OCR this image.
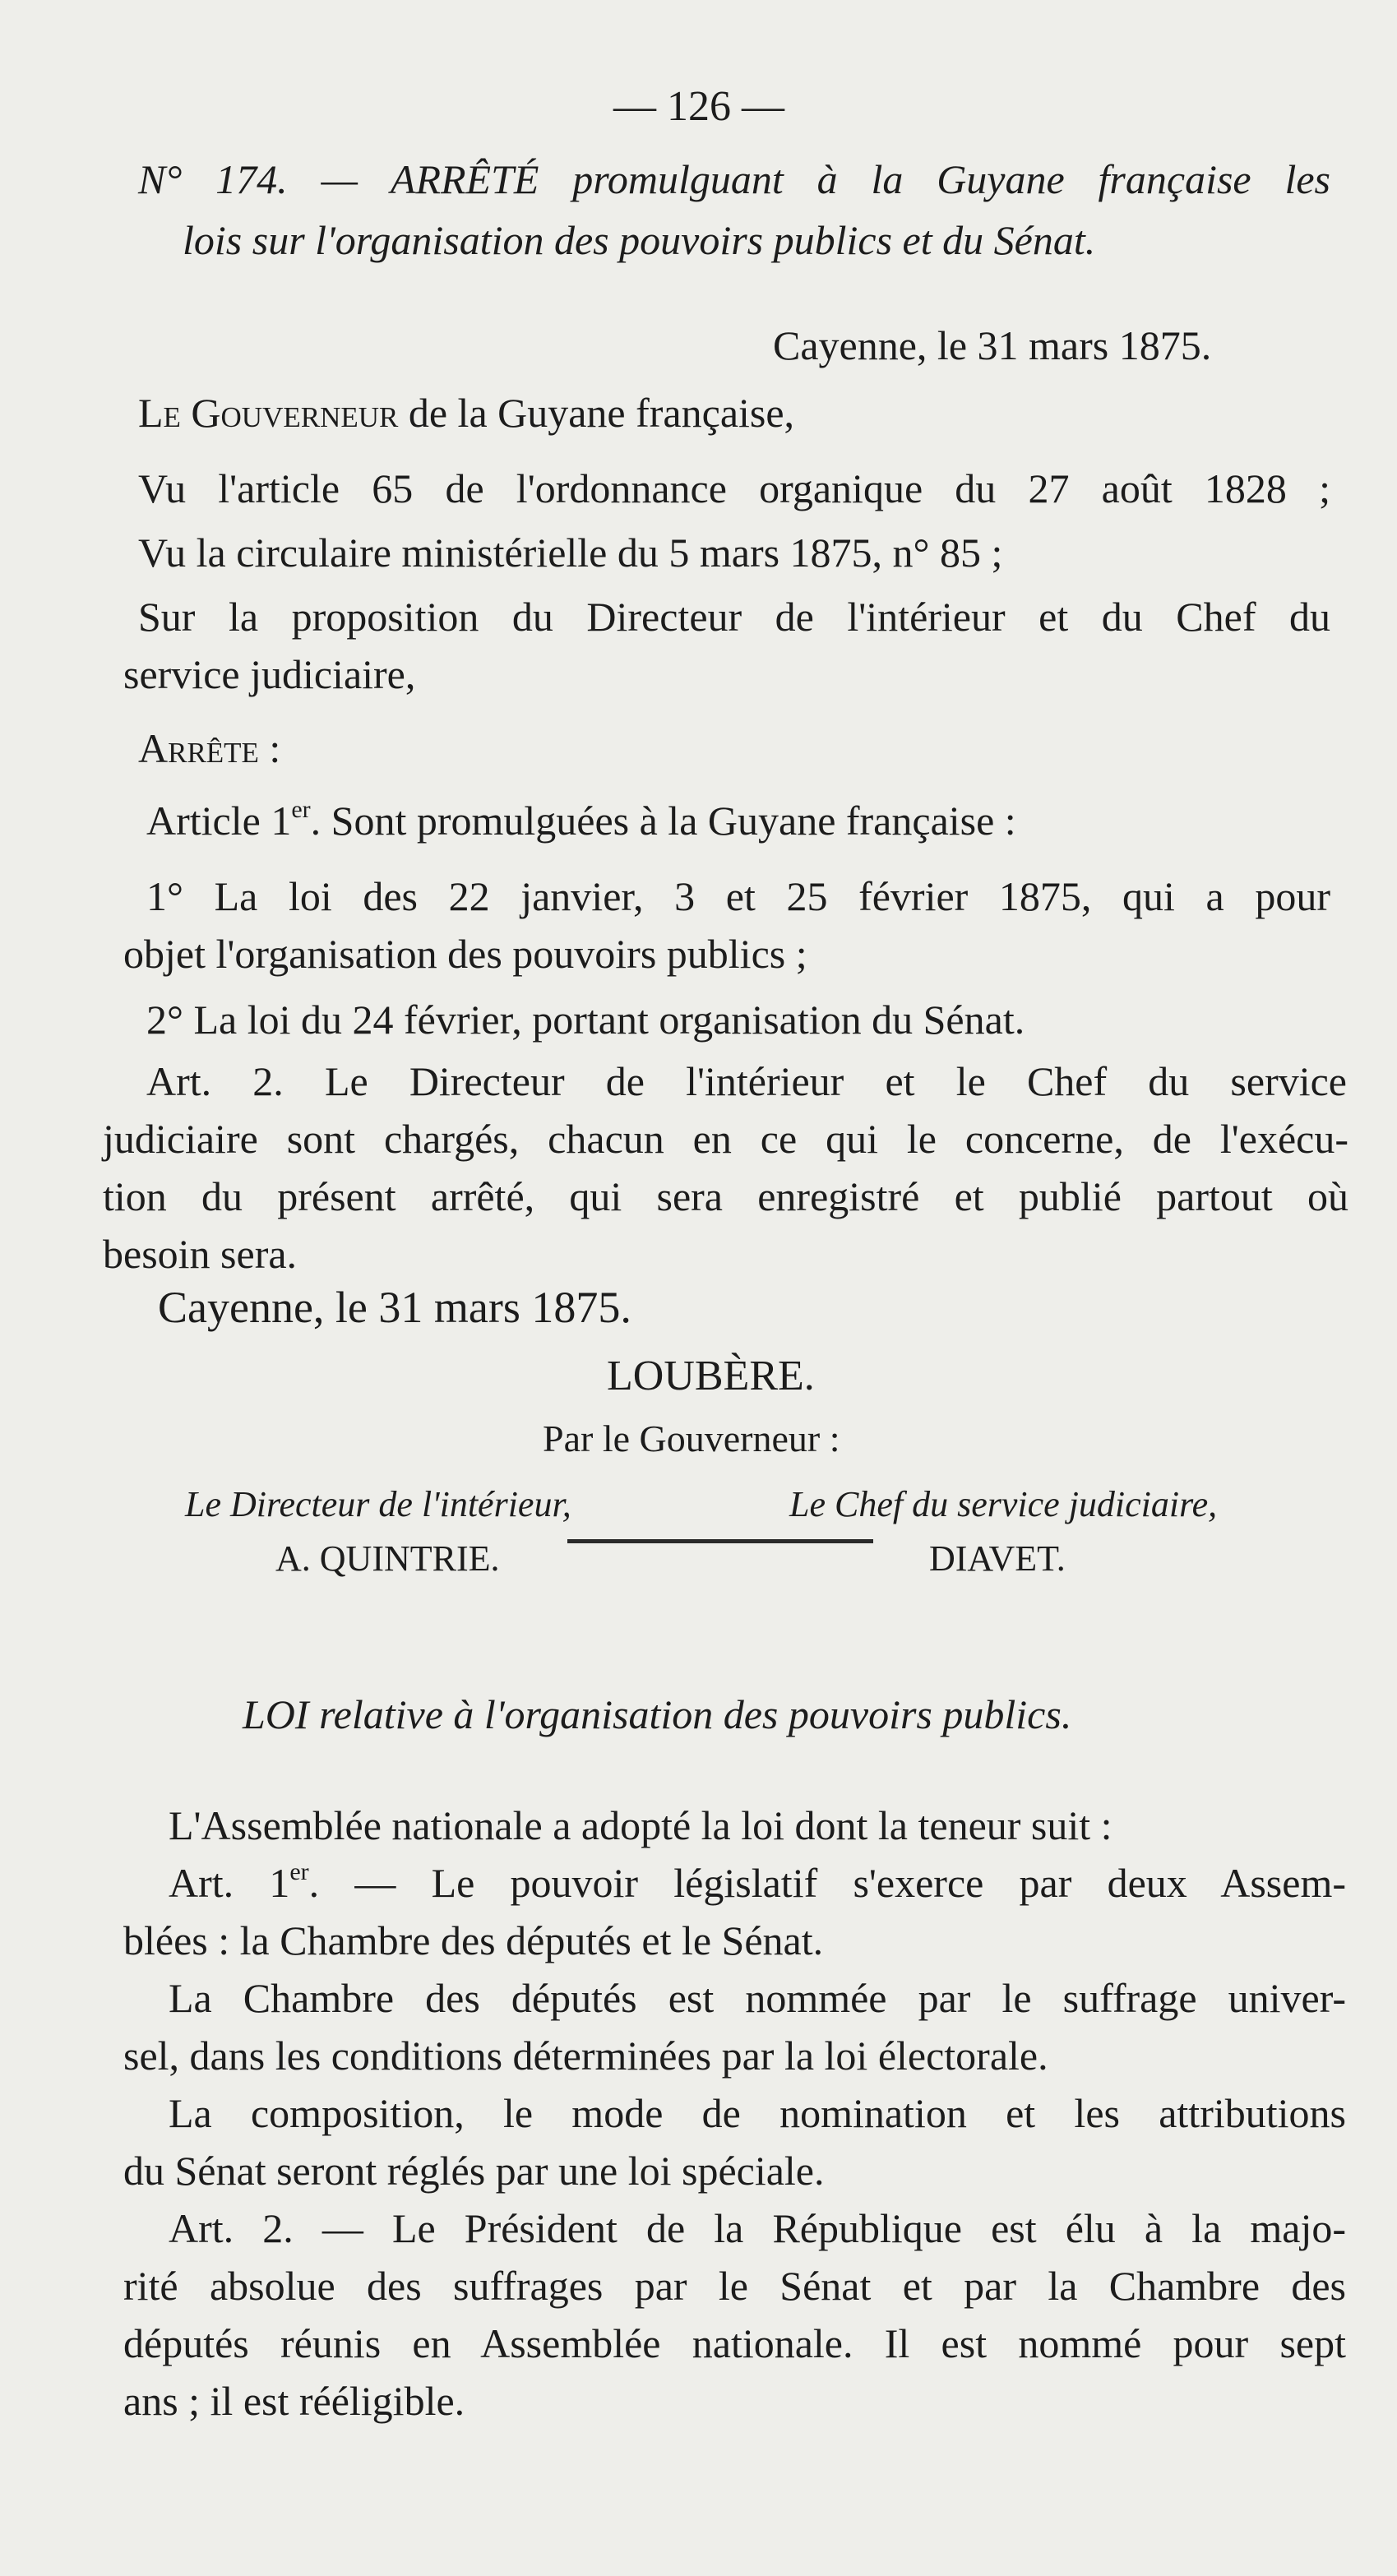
— 126 —
N° 174. — ARRÊTÉ promulguant à la Guyane française les
lois sur l'organisation des pouvoirs publics et du Sénat.
Cayenne, le 31 mars 1875.
Le Gouverneur de la Guyane française,
Vu l'article 65 de l'ordonnance organique du 27 août 1828 ;
Vu la circulaire ministérielle du 5 mars 1875, n° 85 ;
Sur la proposition du Directeur de l'intérieur et du Chef du
service judiciaire,
Arrête :
Article 1er. Sont promulguées à la Guyane française :
1° La loi des 22 janvier, 3 et 25 février 1875, qui a pour
objet l'organisation des pouvoirs publics ;
2° La loi du 24 février, portant organisation du Sénat.
Art. 2. Le Directeur de l'intérieur et le Chef du service
judiciaire sont chargés, chacun en ce qui le concerne, de l'exécu-
tion du présent arrêté, qui sera enregistré et publié partout où
besoin sera.
Cayenne, le 31 mars 1875.
LOUBÈRE.
Par le Gouverneur :
Le Directeur de l'intérieur,	Le Chef du service judiciaire,
A. QUINTRIE.	DIAVET.
LOI relative à l'organisation des pouvoirs publics.
L'Assemblée nationale a adopté la loi dont la teneur suit :
Art. 1er. — Le pouvoir législatif s'exerce par deux Assem-
blées : la Chambre des députés et le Sénat.
La Chambre des députés est nommée par le suffrage univer-
sel, dans les conditions déterminées par la loi électorale.
La composition, le mode de nomination et les attributions
du Sénat seront réglés par une loi spéciale.
Art. 2. — Le Président de la République est élu à la majo-
rité absolue des suffrages par le Sénat et par la Chambre des
députés réunis en Assemblée nationale. Il est nommé pour sept
ans ; il est rééligible.
